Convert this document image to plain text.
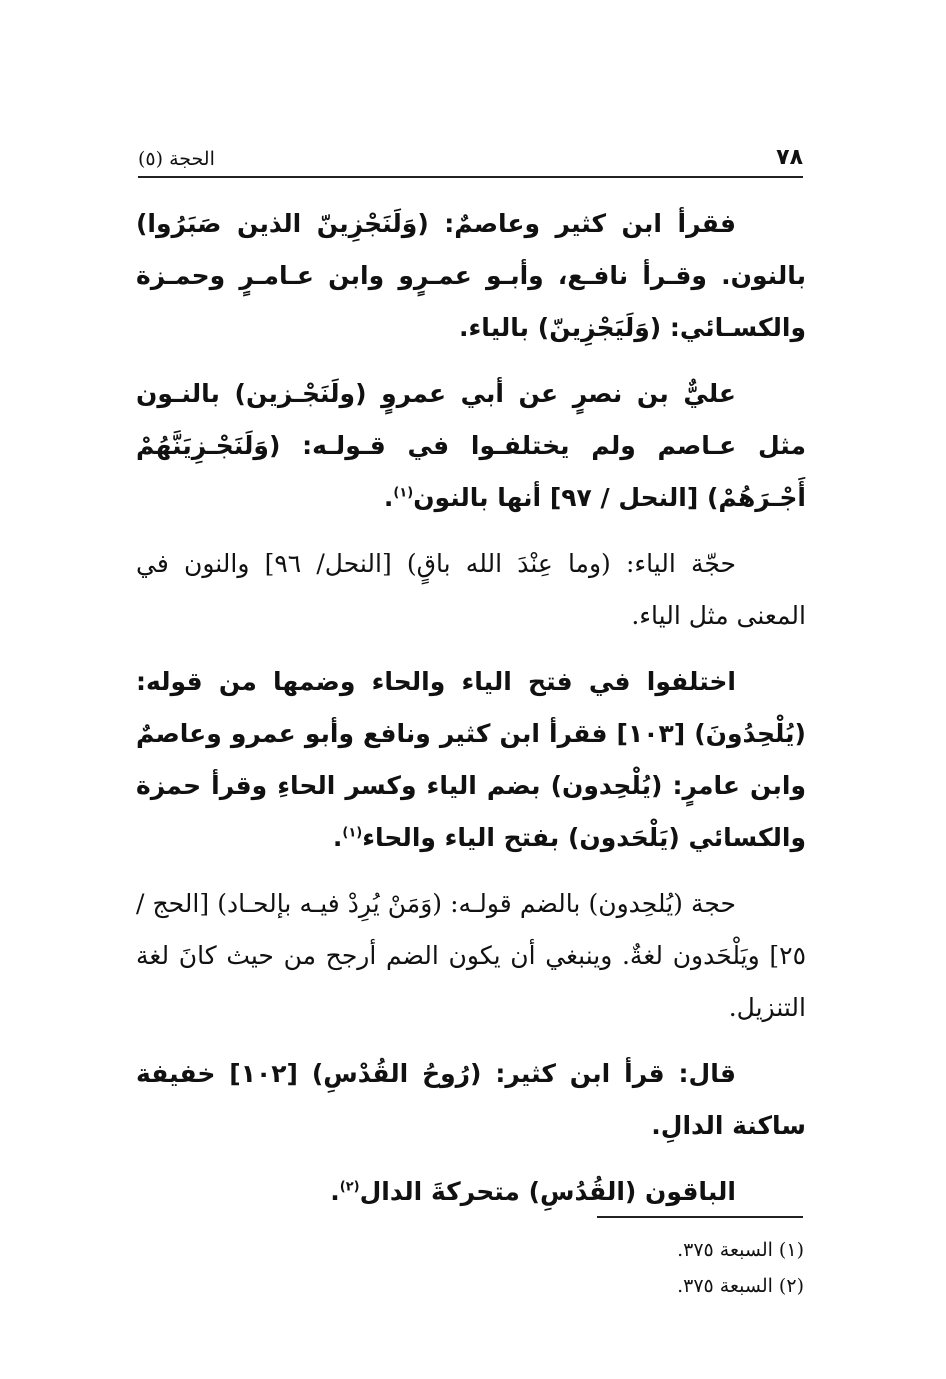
٧٨
الحجة (٥)

فقرأ ابن كثير وعاصمٌ: (وَلَنَجْزِينّ الذين صَبَرُوا) بالنون. وقـرأ نافـع، وأبـو عمـرٍو وابن عـامـرٍ وحمـزة والكسـائي: (وَلَيَجْزِينّ) بالياء.

عليٌّ بن نصرٍ عن أبي عمروٍ (ولَنَجْـزين) بالنـون مثل عـاصم ولم يختلفـوا في قـولـه: (وَلَنَجْـزِيَنَّهُمْ أَجْـرَهُمْ) [النحل / ٩٧] أنها بالنون$^{(١)}$.

حجّة الياء: (وما عِنْدَ الله باقٍ) [النحل/ ٩٦] والنون في المعنى مثل الياء.

اختلفوا في فتح الياء والحاء وضمها من قوله: (يُلْحِدُونَ) [١٠٣] فقرأ ابن كثير ونافع وأبو عمرو وعاصمٌ وابن عامرٍ: (يُلْحِدون) بضم الياء وكسر الحاءِ وقرأ حمزة والكسائي (يَلْحَدون) بفتح الياء والحاء$^{(١)}$.

حجة (يُلحِدون) بالضم قولـه: (وَمَنْ يُرِدْ فيـه بإلحـاد) [الحج / ٢٥] ويَلْحَدون لغةٌ. وينبغي أن يكون الضم أرجح من حيث كانَ لغة التنزيل.

قال: قرأ ابن كثير: (رُوحُ القُدْسِ) [١٠٢] خفيفة ساكنة الدالِ.

الباقون (القُدُسِ) متحركةَ الدال$^{(٢)}$.

(١) السبعة ٣٧٥.

(٢) السبعة ٣٧٥.
